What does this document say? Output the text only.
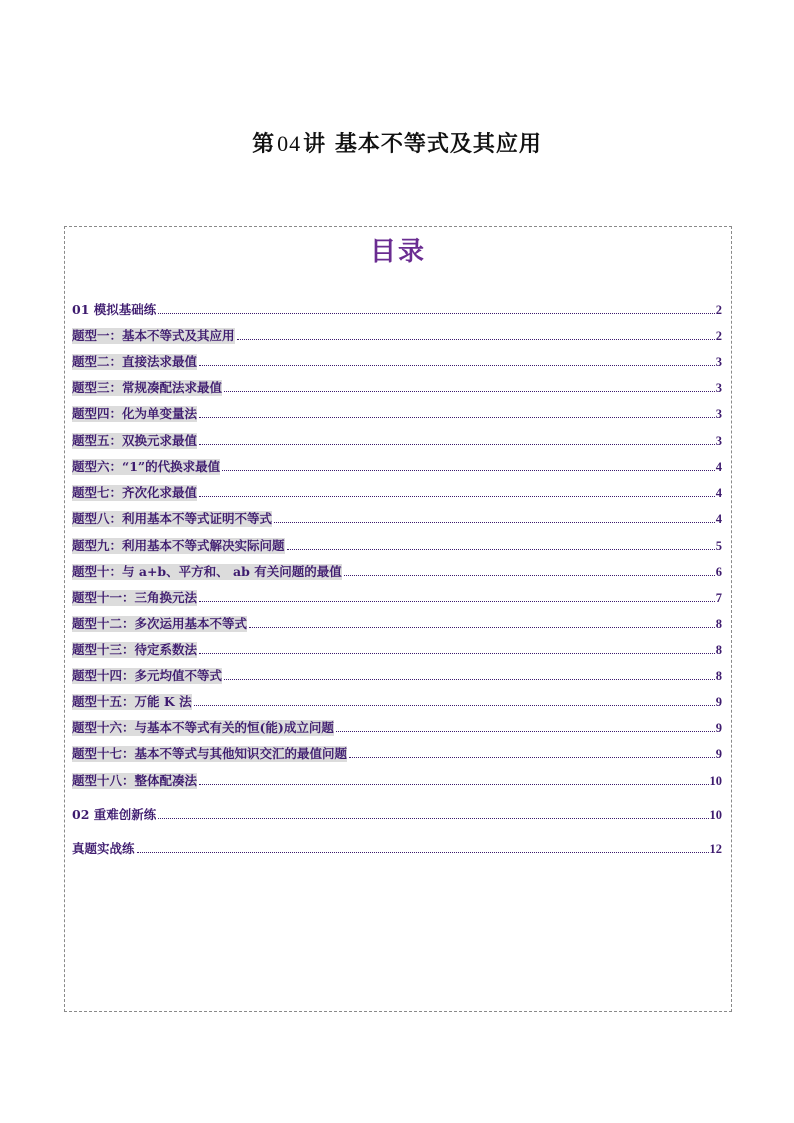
第04讲 基本不等式及其应用
目录
01 模拟基础练	2
题型一：基本不等式及其应用	2
题型二：直接法求最值	3
题型三：常规凑配法求最值	3
题型四：化为单变量法	3
题型五：双换元求最值	3
题型六：“1”的代换求最值	4
题型七：齐次化求最值	4
题型八：利用基本不等式证明不等式	4
题型九：利用基本不等式解决实际问题	5
题型十：与 a+b、平方和、 ab 有关问题的最值	6
题型十一：三角换元法	7
题型十二：多次运用基本不等式	8
题型十三：待定系数法	8
题型十四：多元均值不等式	8
题型十五：万能 K 法	9
题型十六：与基本不等式有关的恒(能)成立问题	9
题型十七：基本不等式与其他知识交汇的最值问题	9
题型十八：整体配凑法	10
02 重难创新练	10
真题实战练	12
